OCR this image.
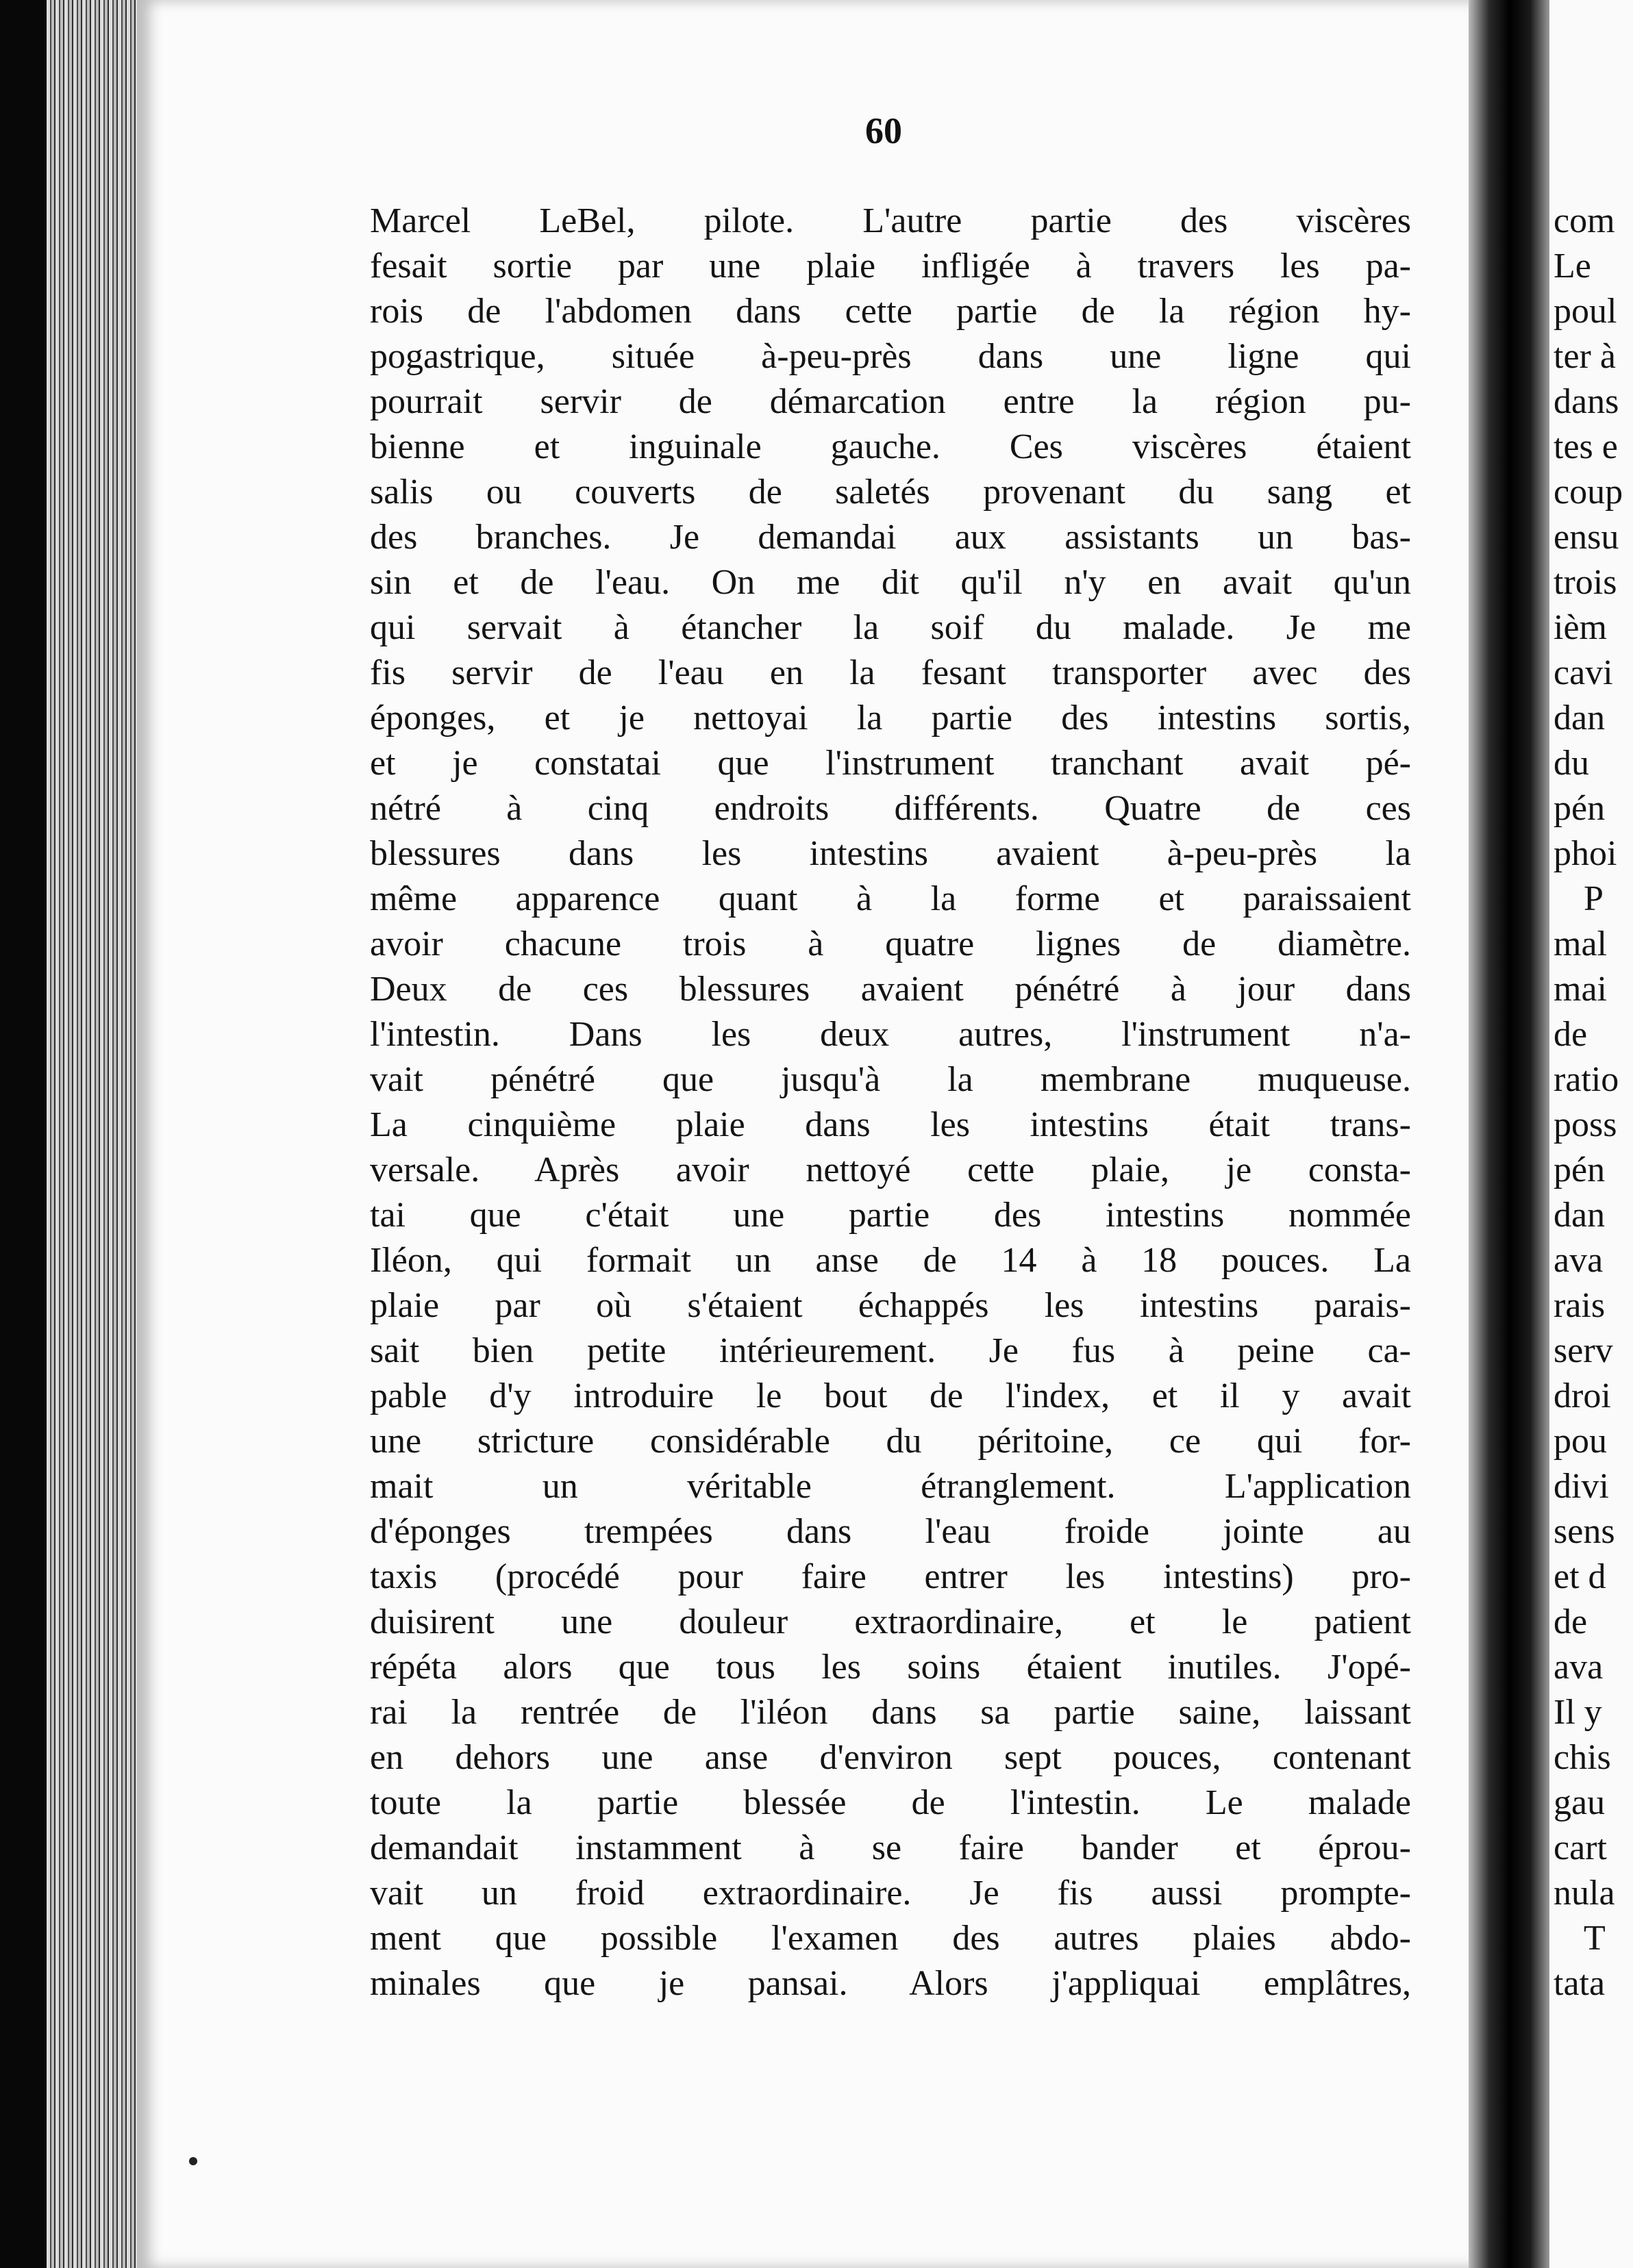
60
Marcel LeBel, pilote. L'autre partie des viscères
fesait sortie par une plaie infligée à travers les pa-
rois de l'abdomen dans cette partie de la région hy-
pogastrique, située à-peu-près dans une ligne qui
pourrait servir de démarcation entre la région pu-
bienne et inguinale gauche. Ces viscères étaient
salis ou couverts de saletés provenant du sang et
des branches. Je demandai aux assistants un bas-
sin et de l'eau. On me dit qu'il n'y en avait qu'un
qui servait à étancher la soif du malade. Je me
fis servir de l'eau en la fesant transporter avec des
éponges, et je nettoyai la partie des intestins sortis,
et je constatai que l'instrument tranchant avait pé-
nétré à cinq endroits différents. Quatre de ces
blessures dans les intestins avaient à-peu-près la
même apparence quant à la forme et paraissaient
avoir chacune trois à quatre lignes de diamètre.
Deux de ces blessures avaient pénétré à jour dans
l'intestin. Dans les deux autres, l'instrument n'a-
vait pénétré que jusqu'à la membrane muqueuse.
La cinquième plaie dans les intestins était trans-
versale. Après avoir nettoyé cette plaie, je consta-
tai que c'était une partie des intestins nommée
Iléon, qui formait un anse de 14 à 18 pouces. La
plaie par où s'étaient échappés les intestins parais-
sait bien petite intérieurement. Je fus à peine ca-
pable d'y introduire le bout de l'index, et il y avait
une stricture considérable du péritoine, ce qui for-
mait un véritable étranglement. L'application
d'éponges trempées dans l'eau froide jointe au
taxis (procédé pour faire entrer les intestins) pro-
duisirent une douleur extraordinaire, et le patient
répéta alors que tous les soins étaient inutiles. J'opé-
rai la rentrée de l'iléon dans sa partie saine, laissant
en dehors une anse d'environ sept pouces, contenant
toute la partie blessée de l'intestin. Le malade
demandait instamment à se faire bander et éprou-
vait un froid extraordinaire. Je fis aussi prompte-
ment que possible l'examen des autres plaies abdo-
minales que je pansai. Alors j'appliquai emplâtres,
com
Le
poul
ter à
dans
tes e
coup
ensu
trois
ièm
cavi
dan
du
pén
phoi
P
mal
mai
de
ratio
poss
pén
dan
ava
rais
serv
droi
pou
divi
sens
et d
de
ava
Il y
chis
gau
cart
nula
T
tata
